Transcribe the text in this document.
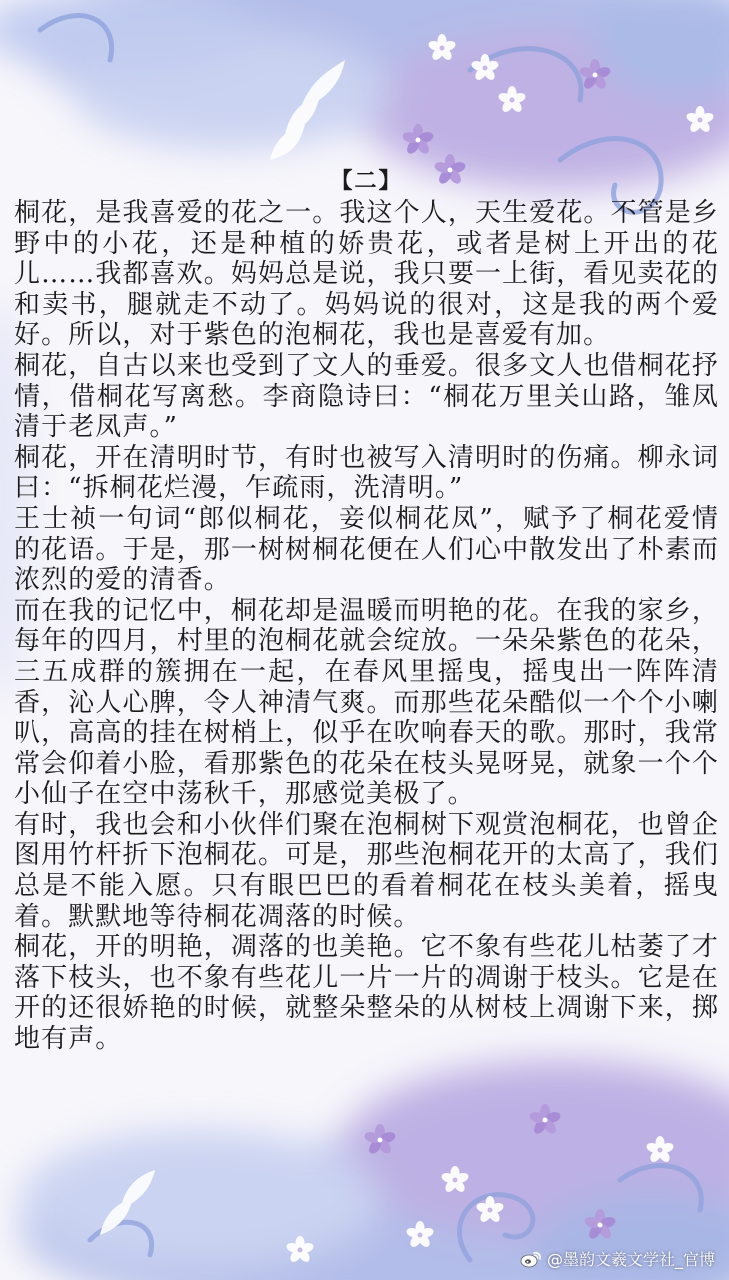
【二】

桐花，是我喜爱的花之一。我这个人，天生爱花。不管是乡野中的小花，还是种植的娇贵花，或者是树上开出的花儿……我都喜欢。妈妈总是说，我只要一上街，看见卖花的和卖书，腿就走不动了。妈妈说的很对，这是我的两个爱好。所以，对于紫色的泡桐花，我也是喜爱有加。

桐花，自古以来也受到了文人的垂爱。很多文人也借桐花抒情，借桐花写离愁。李商隐诗曰：“桐花万里关山路，雏凤清于老凤声。”

桐花，开在清明时节，有时也被写入清明时的伤痛。柳永词曰：“拆桐花烂漫，乍疏雨，洗清明。”

王士祯一句词“郎似桐花，妾似桐花凤”，赋予了桐花爱情的花语。于是，那一树树桐花便在人们心中散发出了朴素而浓烈的爱的清香。

而在我的记忆中，桐花却是温暖而明艳的花。在我的家乡，每年的四月，村里的泡桐花就会绽放。一朵朵紫色的花朵，三五成群的簇拥在一起，在春风里摇曳，摇曳出一阵阵清香，沁人心脾，令人神清气爽。而那些花朵酷似一个个小喇叭，高高的挂在树梢上，似乎在吹响春天的歌。那时，我常常会仰着小脸，看那紫色的花朵在枝头晃呀晃，就象一个个小仙子在空中荡秋千，那感觉美极了。

有时，我也会和小伙伴们聚在泡桐树下观赏泡桐花，也曾企图用竹杆折下泡桐花。可是，那些泡桐花开的太高了，我们总是不能入愿。只有眼巴巴的看着桐花在枝头美着，摇曳着。默默地等待桐花凋落的时候。

桐花，开的明艳，凋落的也美艳。它不象有些花儿枯萎了才落下枝头，也不象有些花儿一片一片的凋谢于枝头。它是在开的还很娇艳的时候，就整朵整朵的从树枝上凋谢下来，掷地有声。

@墨韵文羲文学社_官博
